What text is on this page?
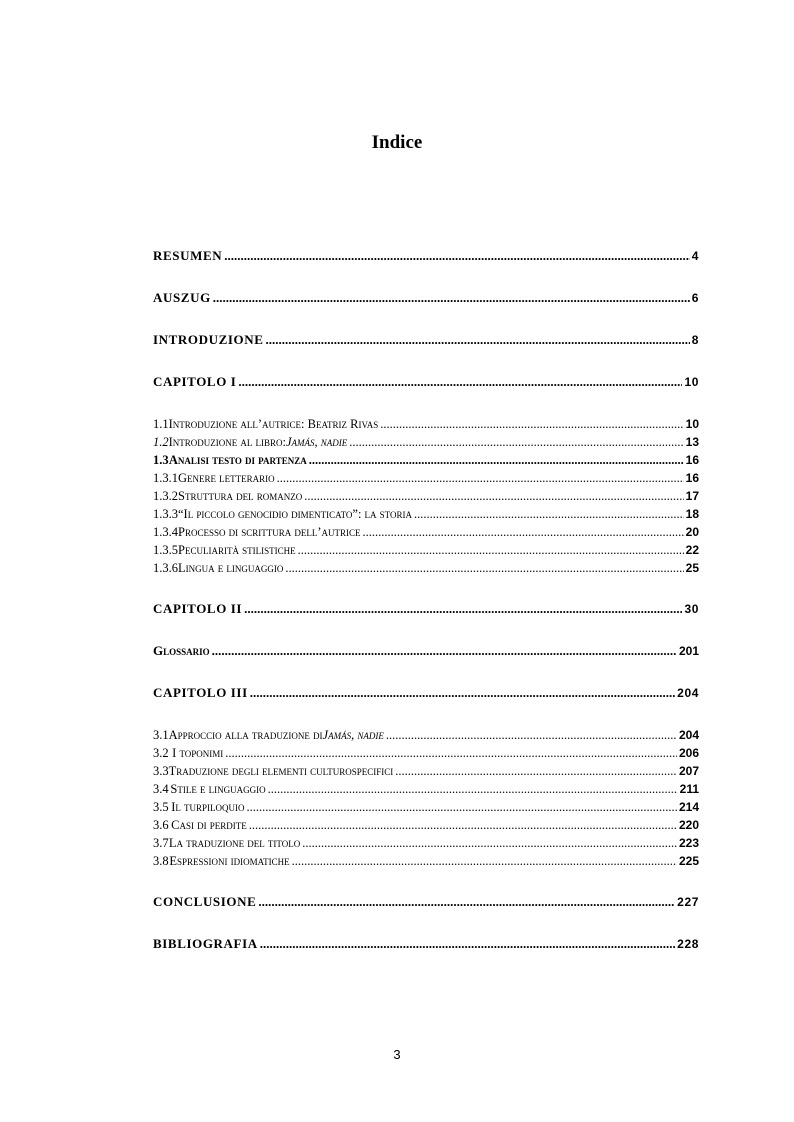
Indice
RESUMEN .....	4
AUSZUG .....	6
INTRODUZIONE .....	8
CAPITOLO I .....	10
1.1 Introduzione all’autrice: Beatriz Rivas .....	10
1.2 Introduzione al libro: Jamás, nadie .....	13
1.3 Analisi testo di partenza .....	16
1.3.1 Genere letterario .....	16
1.3.2 Struttura del romanzo .....	17
1.3.3 “Il piccolo genocidio dimenticato”: la storia .....	18
1.3.4 Processo di scrittura dell’autrice .....	20
1.3.5 Peculiarità stilistiche .....	22
1.3.6 Lingua e linguaggio .....	25
CAPITOLO II .....	30
Glossario .....	201
CAPITOLO III .....	204
3.1 Approccio alla traduzione di Jamás, nadie .....	204
3.2 I toponimi .....	206
3.3 Traduzione degli elementi culturospecifici .....	207
3.4 Stile e linguaggio .....	211
3.5 Il turpiloquio .....	214
3.6 Casi di perdite .....	220
3.7 La traduzione del titolo .....	223
3.8 Espressioni idiomatiche .....	225
CONCLUSIONE .....	227
BIBLIOGRAFIA .....	228
3
